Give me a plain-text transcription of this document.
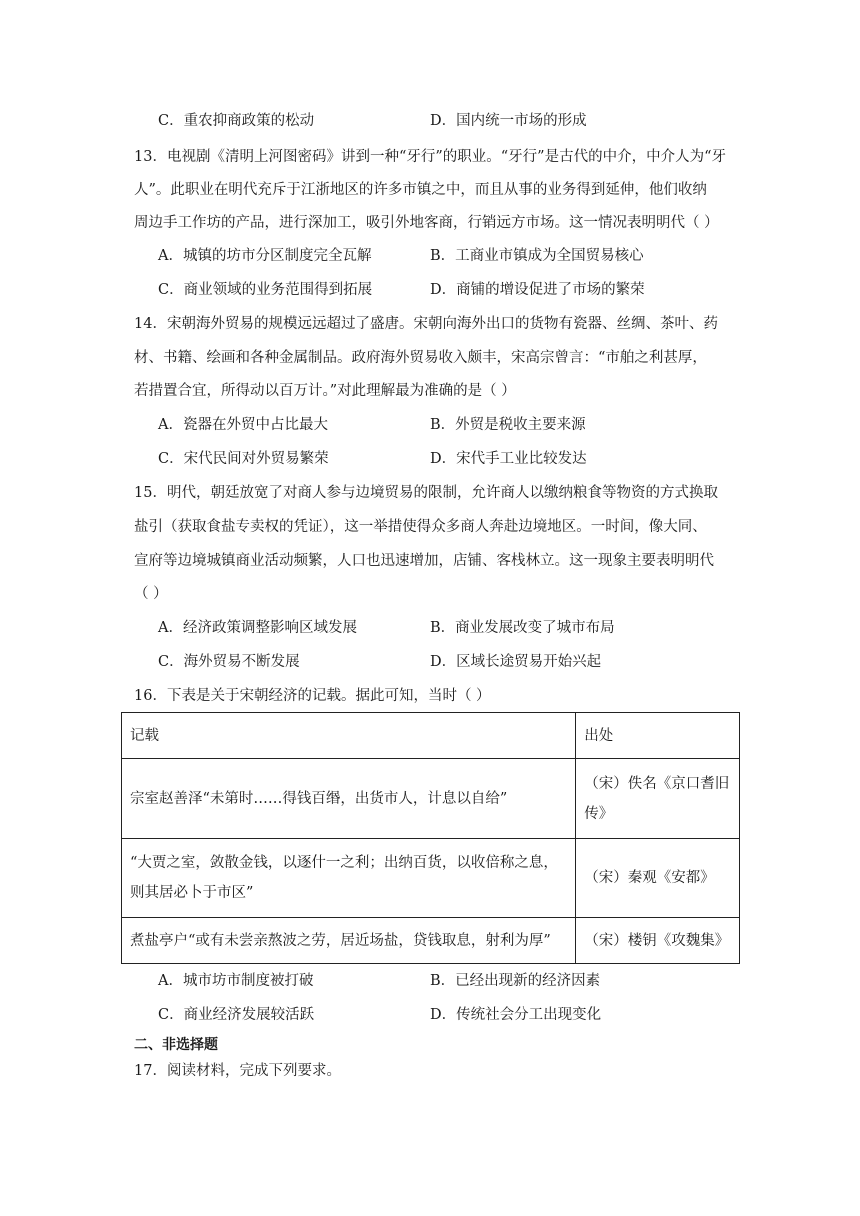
C．重农抑商政策的松动	D．国内统一市场的形成
13．电视剧《清明上河图密码》讲到一种“牙行”的职业。“牙行”是古代的中介，中介人为“牙
人”。此职业在明代充斥于江浙地区的许多市镇之中，而且从事的业务得到延伸，他们收纳
周边手工作坊的产品，进行深加工，吸引外地客商，行销远方市场。这一情况表明明代（ ）
A．城镇的坊市分区制度完全瓦解	B．工商业市镇成为全国贸易核心
C．商业领域的业务范围得到拓展	D．商铺的增设促进了市场的繁荣
14．宋朝海外贸易的规模远远超过了盛唐。宋朝向海外出口的货物有瓷器、丝绸、茶叶、药
材、书籍、绘画和各种金属制品。政府海外贸易收入颇丰，宋高宗曾言：“市舶之利甚厚，
若措置合宜，所得动以百万计。”对此理解最为准确的是（ ）
A．瓷器在外贸中占比最大	B．外贸是税收主要来源
C．宋代民间对外贸易繁荣	D．宋代手工业比较发达
15．明代，朝廷放宽了对商人参与边境贸易的限制，允许商人以缴纳粮食等物资的方式换取
盐引（获取食盐专卖权的凭证），这一举措使得众多商人奔赴边境地区。一时间，像大同、
宣府等边境城镇商业活动频繁，人口也迅速增加，店铺、客栈林立。这一现象主要表明明代
（ ）
A．经济政策调整影响区域发展	B．商业发展改变了城市布局
C．海外贸易不断发展	D．区域长途贸易开始兴起
16．下表是关于宋朝经济的记载。据此可知，当时（ ）
记载	出处
宗室赵善泽“未第时……得钱百缗，出货市人，计息以自给”	（宋）佚名《京口耆旧
传》

“大贾之室，敛散金钱，以逐什一之利；出纳百货，以收倍称之息，
则其居必卜于市区”	（宋）秦观《安都》
煮盐亭户“或有未尝亲熬波之劳，居近场盐，贷钱取息，射利为厚”	（宋）楼钥《攻魏集》
A．城市坊市制度被打破	B．已经出现新的经济因素
C．商业经济发展较活跃	D．传统社会分工出现变化
二、非选择题
17．阅读材料，完成下列要求。
